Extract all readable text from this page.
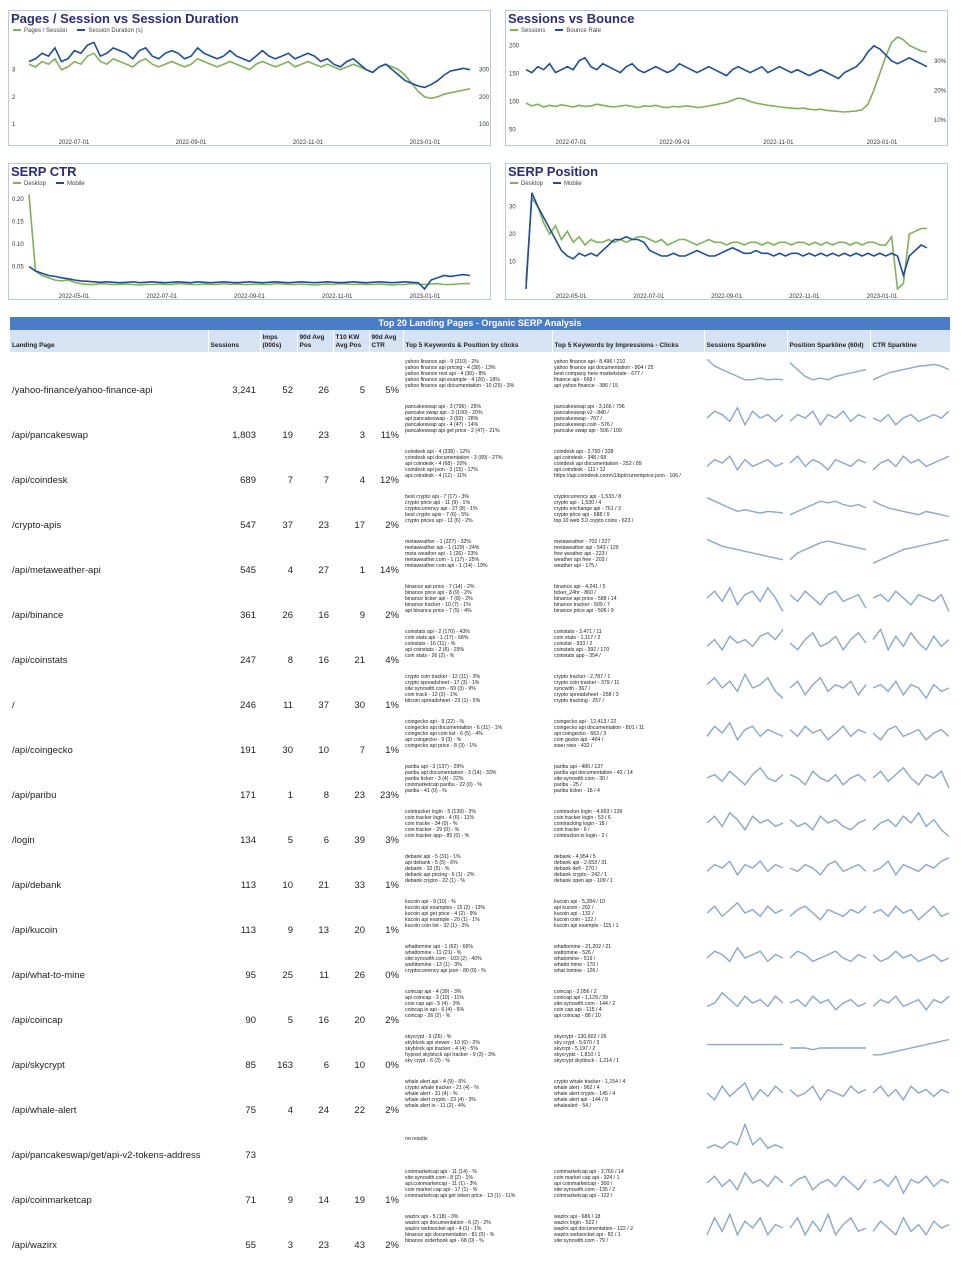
Pages / Session vs Session Duration
Pages / Session	Session Duration (s)
1
2
3
100
200
300
2022-07-01	2022-09-01	2022-11-01	2023-01-01
Sessions vs Bounce
Sessions	Bounce Rate
50
100
150
200
10%
20%
30%
2022-07-01	2022-09-01	2022-11-01	2023-01-01
SERP CTR
Desktop	Mobile
0.05
0.10
0.15
0.20
2022-05-01	2022-07-01	2022-09-01	2022-11-01	2023-01-01
SERP Position
Desktop	Mobile
10
20
30
2022-05-01	2022-07-01	2022-09-01	2022-11-01	2023-01-01
Top 20 Landing Pages - Organic SERP Analysis
Landing Page	Sessions	Imps (000s)	90d Avg Pos	T10 KW Avg Pos	90d Avg CTR	Top 5 Keywords & Position by clicks	Top 5 Keywords by Impressions - Clicks	Sessions Sparkline	Position Sparkline (60d)	CTR Sparkline
/yahoo-finance/yahoo-finance-api	3,241	52	26	5	5%	yahoo finance api - 9 (210) - 2%
yahoo finance api pricing - 4 (38) - 13%
yahoo finance rest api - 4 (30) - 8%
yahoo finance api example - 4 (26) - 18%
yahoo finance api documentation - 10 (25) - 3%	yahoo finance api - 8,496 / 210
yahoo finance api documentation - 804 / 25
best company here marketstate - 677 /
finance api - 668 /
api yahoo finance - 386 / 15

/api/pancakeswap	1,803	19	23	3	11%	pancakeswap api - 3 (796) - 25%
pancake swap api - 3 (100) - 20%
api pancakeswap - 3 (92) - 28%
pancakeswap api - 4 (47) - 14%
pancakeswap api get price - 2 (47) - 21%	pancakeswap api - 3,166 / 796
pancakeswap v2 - 840 /
pancakeswap - 767 /
pancakeswap coin - 576 /
pancake swap api - 506 / 100

/api/coindesk	689	7	7	4	12%	coindesk api - 4 (338) - 12%
coindesk api documentation - 3 (89) - 27%
api coindesk - 4 (68) - 20%
coindesk api json - 3 (15) - 17%
api.coindesk - 4 (12) - 11%	coindesk api - 2,750 / 338
api coindesk - 348 / 68
coindesk api documentation - 252 / 89
api.coindesk - 111 / 12
https://api.coindesk.com/v1/bpi/currentprice.json - 106 /

/crypto-apis	547	37	23	17	2%	best crypto api - 7 (17) - 3%
crypto price api - 11 (9) - 1%
cryptocurrency api - 27 (8) - 1%
best crypto apis - 7 (6) - 5%
crypto prices api - 11 (6) - 2%	cryptocurrency api - 1,533 / 8
crypto api - 1,530 / 4
crypto exchange api - 761 / 3
crypto price api - 688 / 9
top 10 web 3.0 crypto coins - 623 /

/api/metaweather-api	545	4	27	1	14%	metaweather - 1 (227) - 32%
metaweather api - 1 (129) - 24%
meta weather api - 1 (26) - 23%
metaweather.com - 1 (17) - 25%
metaweather.com api - 1 (14) - 19%	metaweather - 702 / 227
metaweather api - 543 / 129
free weather api - 223 /
weather api free - 203 /
weather api - 175 /

/api/binance	361	26	16	9	2%	binance api price - 7 (14) - 2%
binance price api - 8 (9) - 2%
binance ticker api - 7 (8) - 2%
binance tracker - 10 (7) - 1%
api binance price - 7 (5) - 4%	binance api - 4,241 / 5
ticker_24hr - 860 /
binance api price - 588 / 14
binance tracker - 509 / 7
binance price api - 506 / 9

/api/coinstats	247	8	16	21	4%	coinstats api - 2 (170) - 43%
coin stats api - 1 (17) - 68%
coinstats - 16 (11) - %
api coinstats - 2 (6) - 29%
coin stats - 26 (2) - %	coinstats - 3,471 / 11
coin stats - 1,117 / 2
coinstat - 933 / 2
coinstats api - 392 / 170
coinstats app - 354 /

/	246	11	37	30	1%	crypto coin tracker - 12 (11) - 3%
crypto spreadsheet - 17 (3) - 1%
site:syncwith.com - 69 (3) - 9%
coin track - 12 (2) - 1%
bitcoin spreadsheet - 23 (1) - 5%	crypto tracker - 2,787 / 1
crypto coin tracker - 379 / 11
syncwith - 367 /
crypto spreadsheet - 258 / 3
crypto tracking - 257 /

/api/coingecko	191	30	10	7	1%	coingecko api - 9 (22) - %
coingecko api documentation - 6 (11) - 1%
coingecko api coin list - 6 (5) - 4%
api coingecko - 9 (3) - %
coingecko api price - 8 (3) - 1%	coingecko api - 12,413 / 22
coingecko api documentation - 801 / 11
api coingecko - 663 / 3
coin gecko api - 464 /
коин геко - 432 /

/api/paribu	171	1	8	23	23%	paribu api - 3 (137) - 29%
paribu api documentation - 3 (14) - 33%
paribu ticker - 3 (4) - 22%
coinmarketcap paribu - 22 (0) - %
paribu - 41 (0) - %	paribu api - 480 / 137
paribu api documentation - 42 / 14
site:syncwith.com - 30 /
paribu - 25 /
paribu ticker - 18 / 4

/login	134	5	6	39	3%	cointracker login - 5 (139) - 3%
coin tracker login - 4 (6) - 11%
coin tracke - 34 (0) - %
coin tracker - 29 (0) - %
coin tracker app - 85 (0) - %	cointracker login - 4,663 / 139
coin tracker login - 53 / 6
cointracking login - 18 /
coin tracke - 6 /
cointracker.io login - 2 /

/api/debank	113	10	21	33	1%	debank api - 5 (31) - 1%
api debank - 5 (5) - 6%
debank - 32 (5) - %
debank api pricing - 6 (1) - 2%
debank crypto - 22 (1) - %	debank - 4,954 / 5
debank api - 2,653 / 31
debank defi - 270 /
debank crypto - 242 / 1
debank open api - 109 / 1

/api/kucoin	113	9	13	20	1%	kucoin api - 9 (10) - %
kucoin api examples - 15 (2) - 13%
kucoin api get price - 4 (2) - 9%
kucoin api example - 20 (1) - 1%
kucoin coin list - 32 (1) - 2%	kucoin api - 5,284 / 10
api kucoin - 202 /
kucoin api - 132 /
kucoin coin - 122 /
kucoin api example - 115 / 1

/api/what-to-mine	95	25	11	26	0%	whattomine api - 1 (62) - 66%
whattomine - 11 (21) - %
site:syncwith.com - 103 (2) - 40%
wahttomine - 13 (1) - 3%
cryptocurrency api json - 80 (0) - %	whattomine - 21,202 / 21
wattomine - 526 /
whatomine - 519 /
whatto mine - 170 /
what tomine - 126 /

/api/coincap	90	5	16	20	2%	coincap api - 4 (39) - 3%
api coincap - 3 (10) - 11%
coin cap api - 5 (4) - 3%
coincap.io api - 6 (4) - 6%
coincap - 26 (2) - %	coincap - 2,056 / 2
coincap api - 1,129 / 39
site:syncwith.com - 144 / 2
coin cap api - 115 / 4
api coincap - 88 / 10

/api/skycrypt	85	163	6	10	0%	skycrypt - 6 (26) - %
skyblock api viewer - 10 (6) - 2%
skyblock api tracker - 4 (4) - 5%
hypixel skyblock api tracker - 9 (3) - 3%
sky crypt - 6 (3) - %	skycrypt - 130,602 / 26
sky crypt - 5,670 / 3
skycrpt - 5,197 / 2
skycrypts - 1,810 / 1
skycrypt skyblock - 1,214 / 1

/api/whale-alert	75	4	24	22	2%	whale alert api - 4 (9) - 6%
crypto whale tracker - 21 (4) - %
whale alert - 31 (4) - %
whale alert crypto - 23 (4) - 3%
whale alert io - 11 (2) - 4%	crypto whale tracker - 1,154 / 4
whale alert - 962 / 4
whale alert crypto - 145 / 4
whale alert api - 144 / 9
whalealert - 54 /

/api/pancakeswap/get/api-v2-tokens-address	73					no results

/api/coinmarketcap	71	9	14	19	1%	coinmarketcap api - 11 (14) - %
site:syncwith.com - 8 (2) - 1%
api.coinmarketcap - 11 (1) - 3%
coin market cap api - 17 (1) - %
coinmarketcap api get token price - 13 (1) - 11%	coinmarketcap api - 3,760 / 14
coin market cap api - 324 / 1
api coinmarketcap - 300 /
site:syncwith.com - 135 / 2
coinmarketcap api - 122 /

/api/wazirx	55	3	23	43	2%	wazirx api - 5 (18) - 3%
wazirx api documentation - 6 (2) - 2%
wazirx websocket api - 4 (1) - 1%
binance api documentation - 81 (0) - %
binance orderbook api - 68 (0) - %	wazirx api - 686 / 18
wazirx login - 522 /
wazirx api documentation - 122 / 2
wazirx websocket api - 82 / 1
site:syncwith.com - 79 /
